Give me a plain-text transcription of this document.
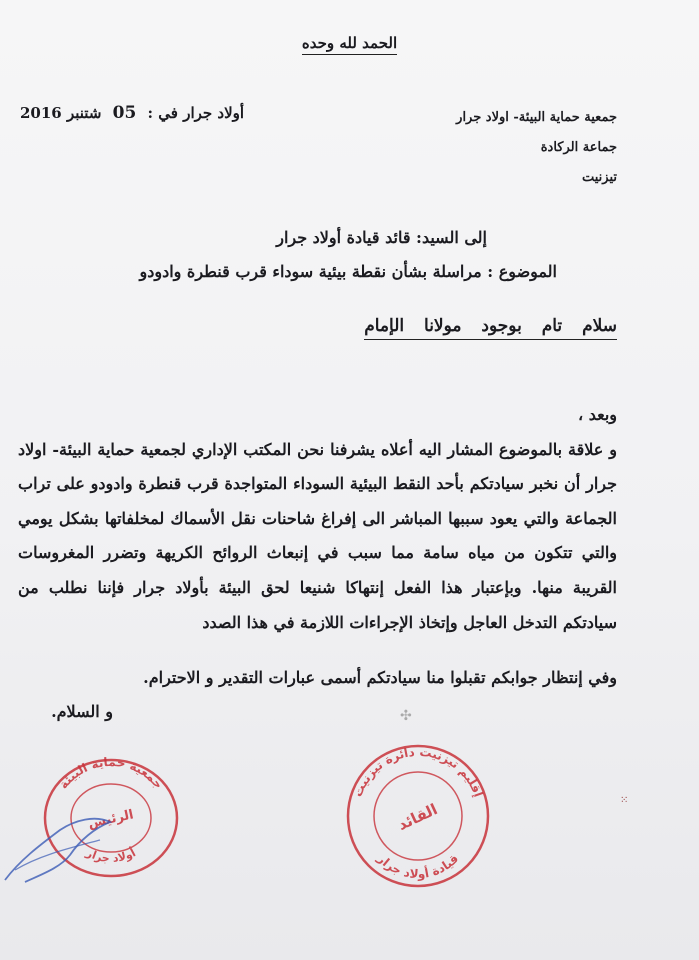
الحمد لله وحده
أولاد جرار في : 05 شتنبر 2016	جمعية حماية البيئة- اولاد جرار
جماعة الركادة
تيزنيت
إلى السيد: قائد قيادة أولاد جرار
الموضوع : مراسلة بشأن نقطة بيئية سوداء قرب قنطرة وادودو
سلام تام بوجود مولانا الإمام

وبعد ،

و علاقة بالموضوع المشار اليه أعلاه يشرفنا نحن المكتب الإداري لجمعية حماية البيئة- اولاد جرار أن نخبر سيادتكم بأحد النقط البيئية السوداء المتواجدة قرب قنطرة وادودو على تراب الجماعة والتي يعود سببها المباشر الى إفراغ شاحنات نقل الأسماك لمخلفاتها بشكل يومي والتي تتكون من مياه سامة مما سبب في إنبعاث الروائح الكريهة وتضرر المغروسات القريبة منها. وبإعتبار هذا الفعل إنتهاكا شنيعا لحق البيئة بأولاد جرار فإننا نطلب من سيادتكم التدخل العاجل وإتخاذ الإجراءات اللازمة في هذا الصدد

وفي إنتظار جوابكم تقبلوا منا سيادتكم أسمى عبارات التقدير و الاحترام.
و السلام.	✣
⁙
جمعية حماية البيئة
أولاد جرار
الرئيس
إقليم تيزنيت دائرة تيزنيت
قيادة أولاد جرار
القائد
